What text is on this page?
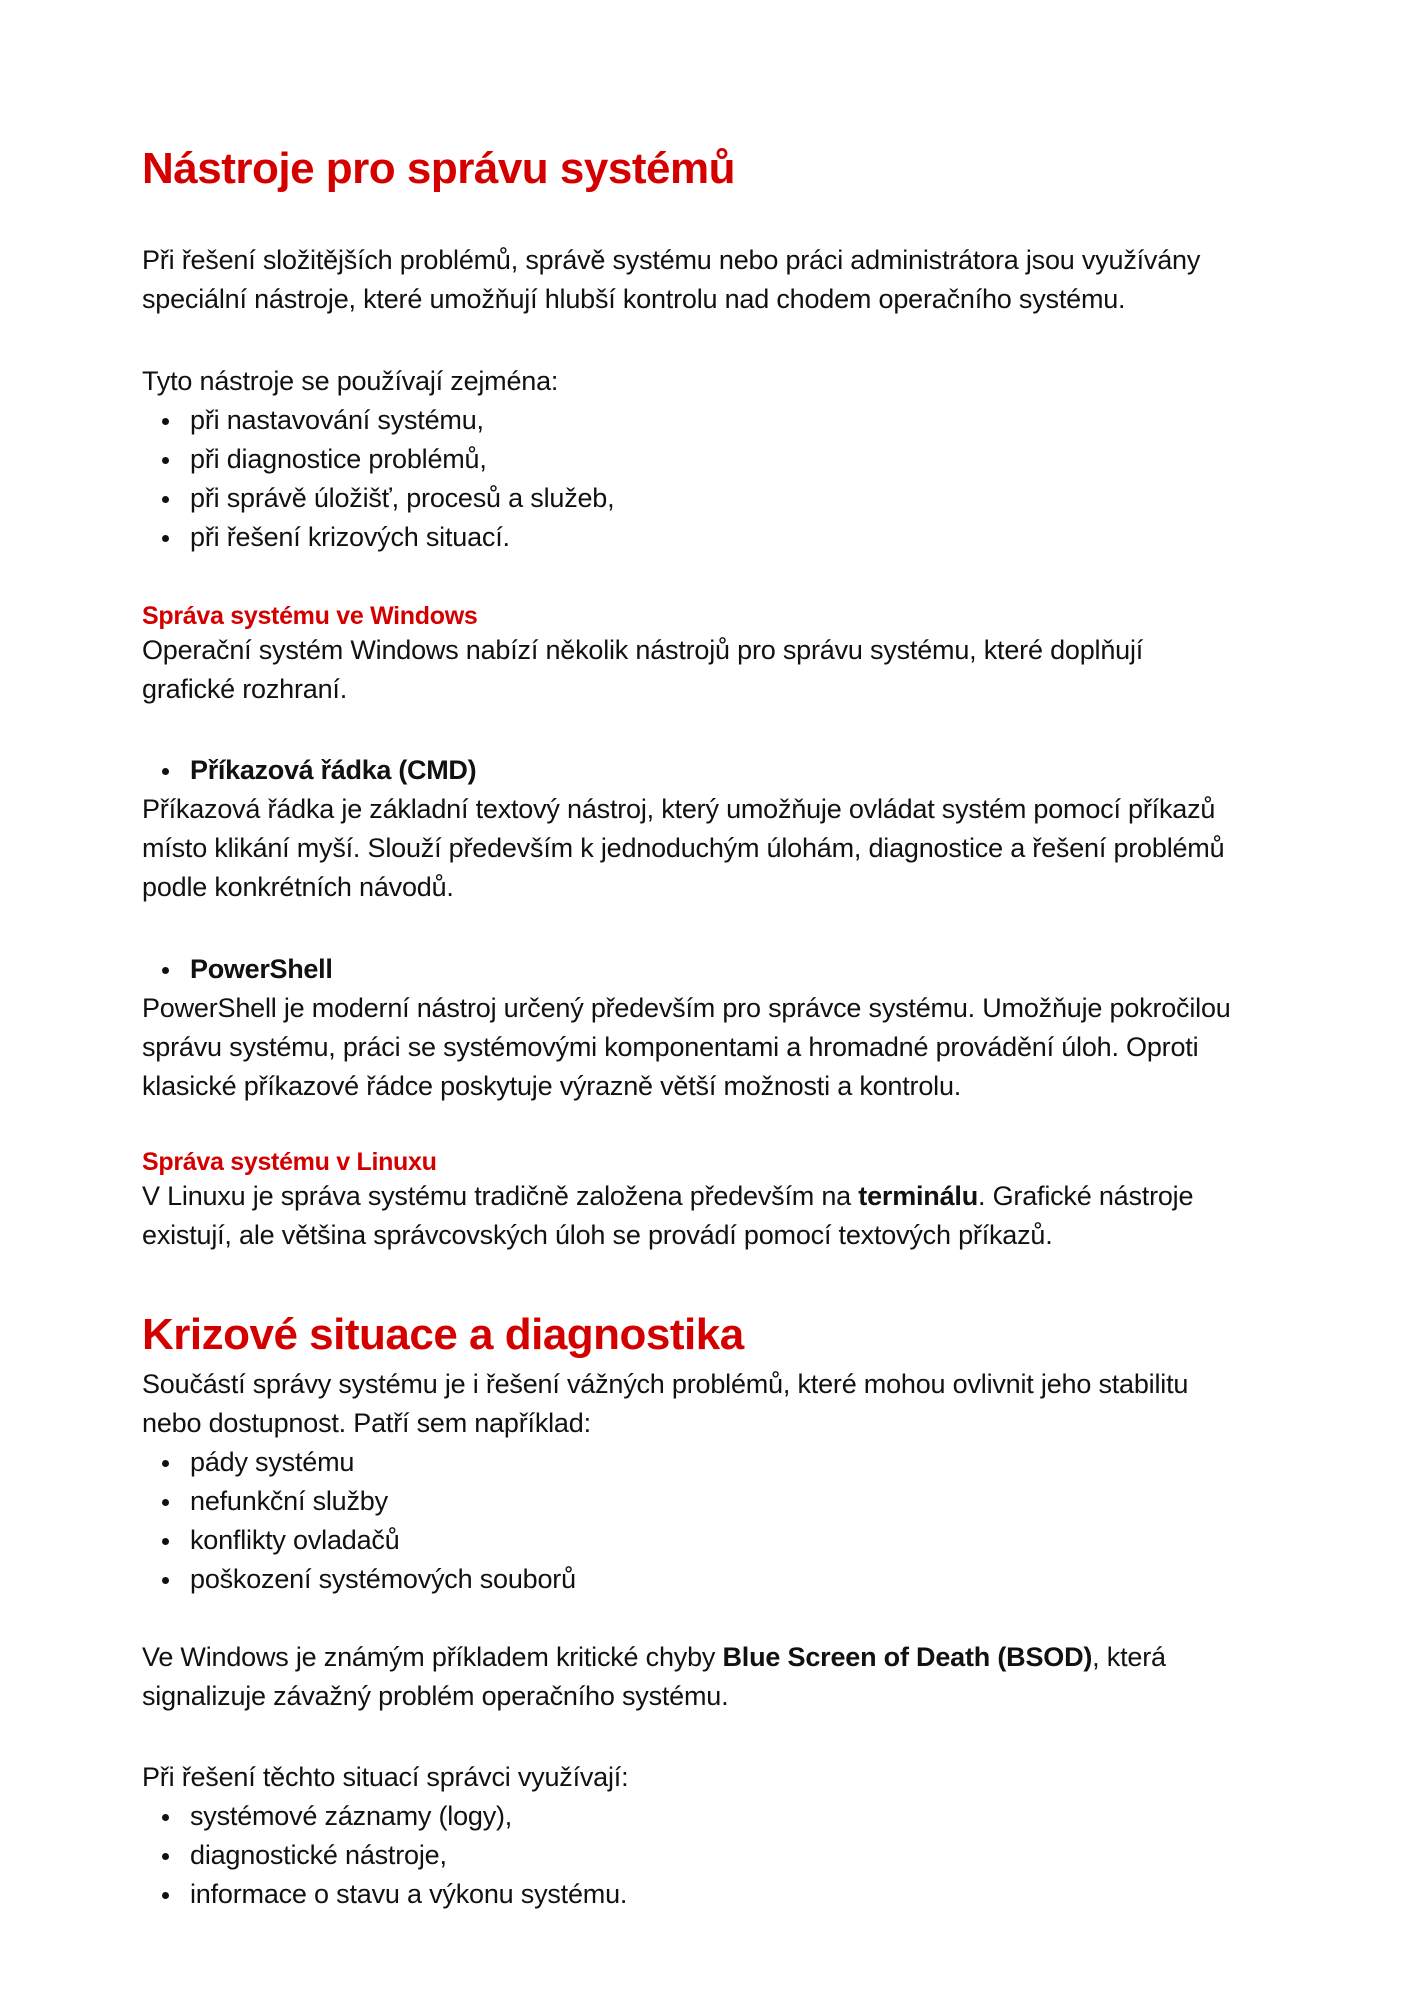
Nástroje pro správu systémů
Při řešení složitějších problémů, správě systému nebo práci administrátora jsou využívány
speciální nástroje, které umožňují hlubší kontrolu nad chodem operačního systému.
Tyto nástroje se používají zejména:
při nastavování systému,
při diagnostice problémů,
při správě úložišť, procesů a služeb,
při řešení krizových situací.
Správa systému ve Windows
Operační systém Windows nabízí několik nástrojů pro správu systému, které doplňují
grafické rozhraní.
Příkazová řádka (CMD)
Příkazová řádka je základní textový nástroj, který umožňuje ovládat systém pomocí příkazů
místo klikání myší. Slouží především k jednoduchým úlohám, diagnostice a řešení problémů
podle konkrétních návodů.
PowerShell
PowerShell je moderní nástroj určený především pro správce systému. Umožňuje pokročilou
správu systému, práci se systémovými komponentami a hromadné provádění úloh. Oproti
klasické příkazové řádce poskytuje výrazně větší možnosti a kontrolu.
Správa systému v Linuxu
V Linuxu je správa systému tradičně založena především na terminálu. Grafické nástroje
existují, ale většina správcovských úloh se provádí pomocí textových příkazů.
Krizové situace a diagnostika
Součástí správy systému je i řešení vážných problémů, které mohou ovlivnit jeho stabilitu
nebo dostupnost. Patří sem například:
pády systému
nefunkční služby
konflikty ovladačů
poškození systémových souborů
Ve Windows je známým příkladem kritické chyby Blue Screen of Death (BSOD), která
signalizuje závažný problém operačního systému.
Při řešení těchto situací správci využívají:
systémové záznamy (logy),
diagnostické nástroje,
informace o stavu a výkonu systému.
